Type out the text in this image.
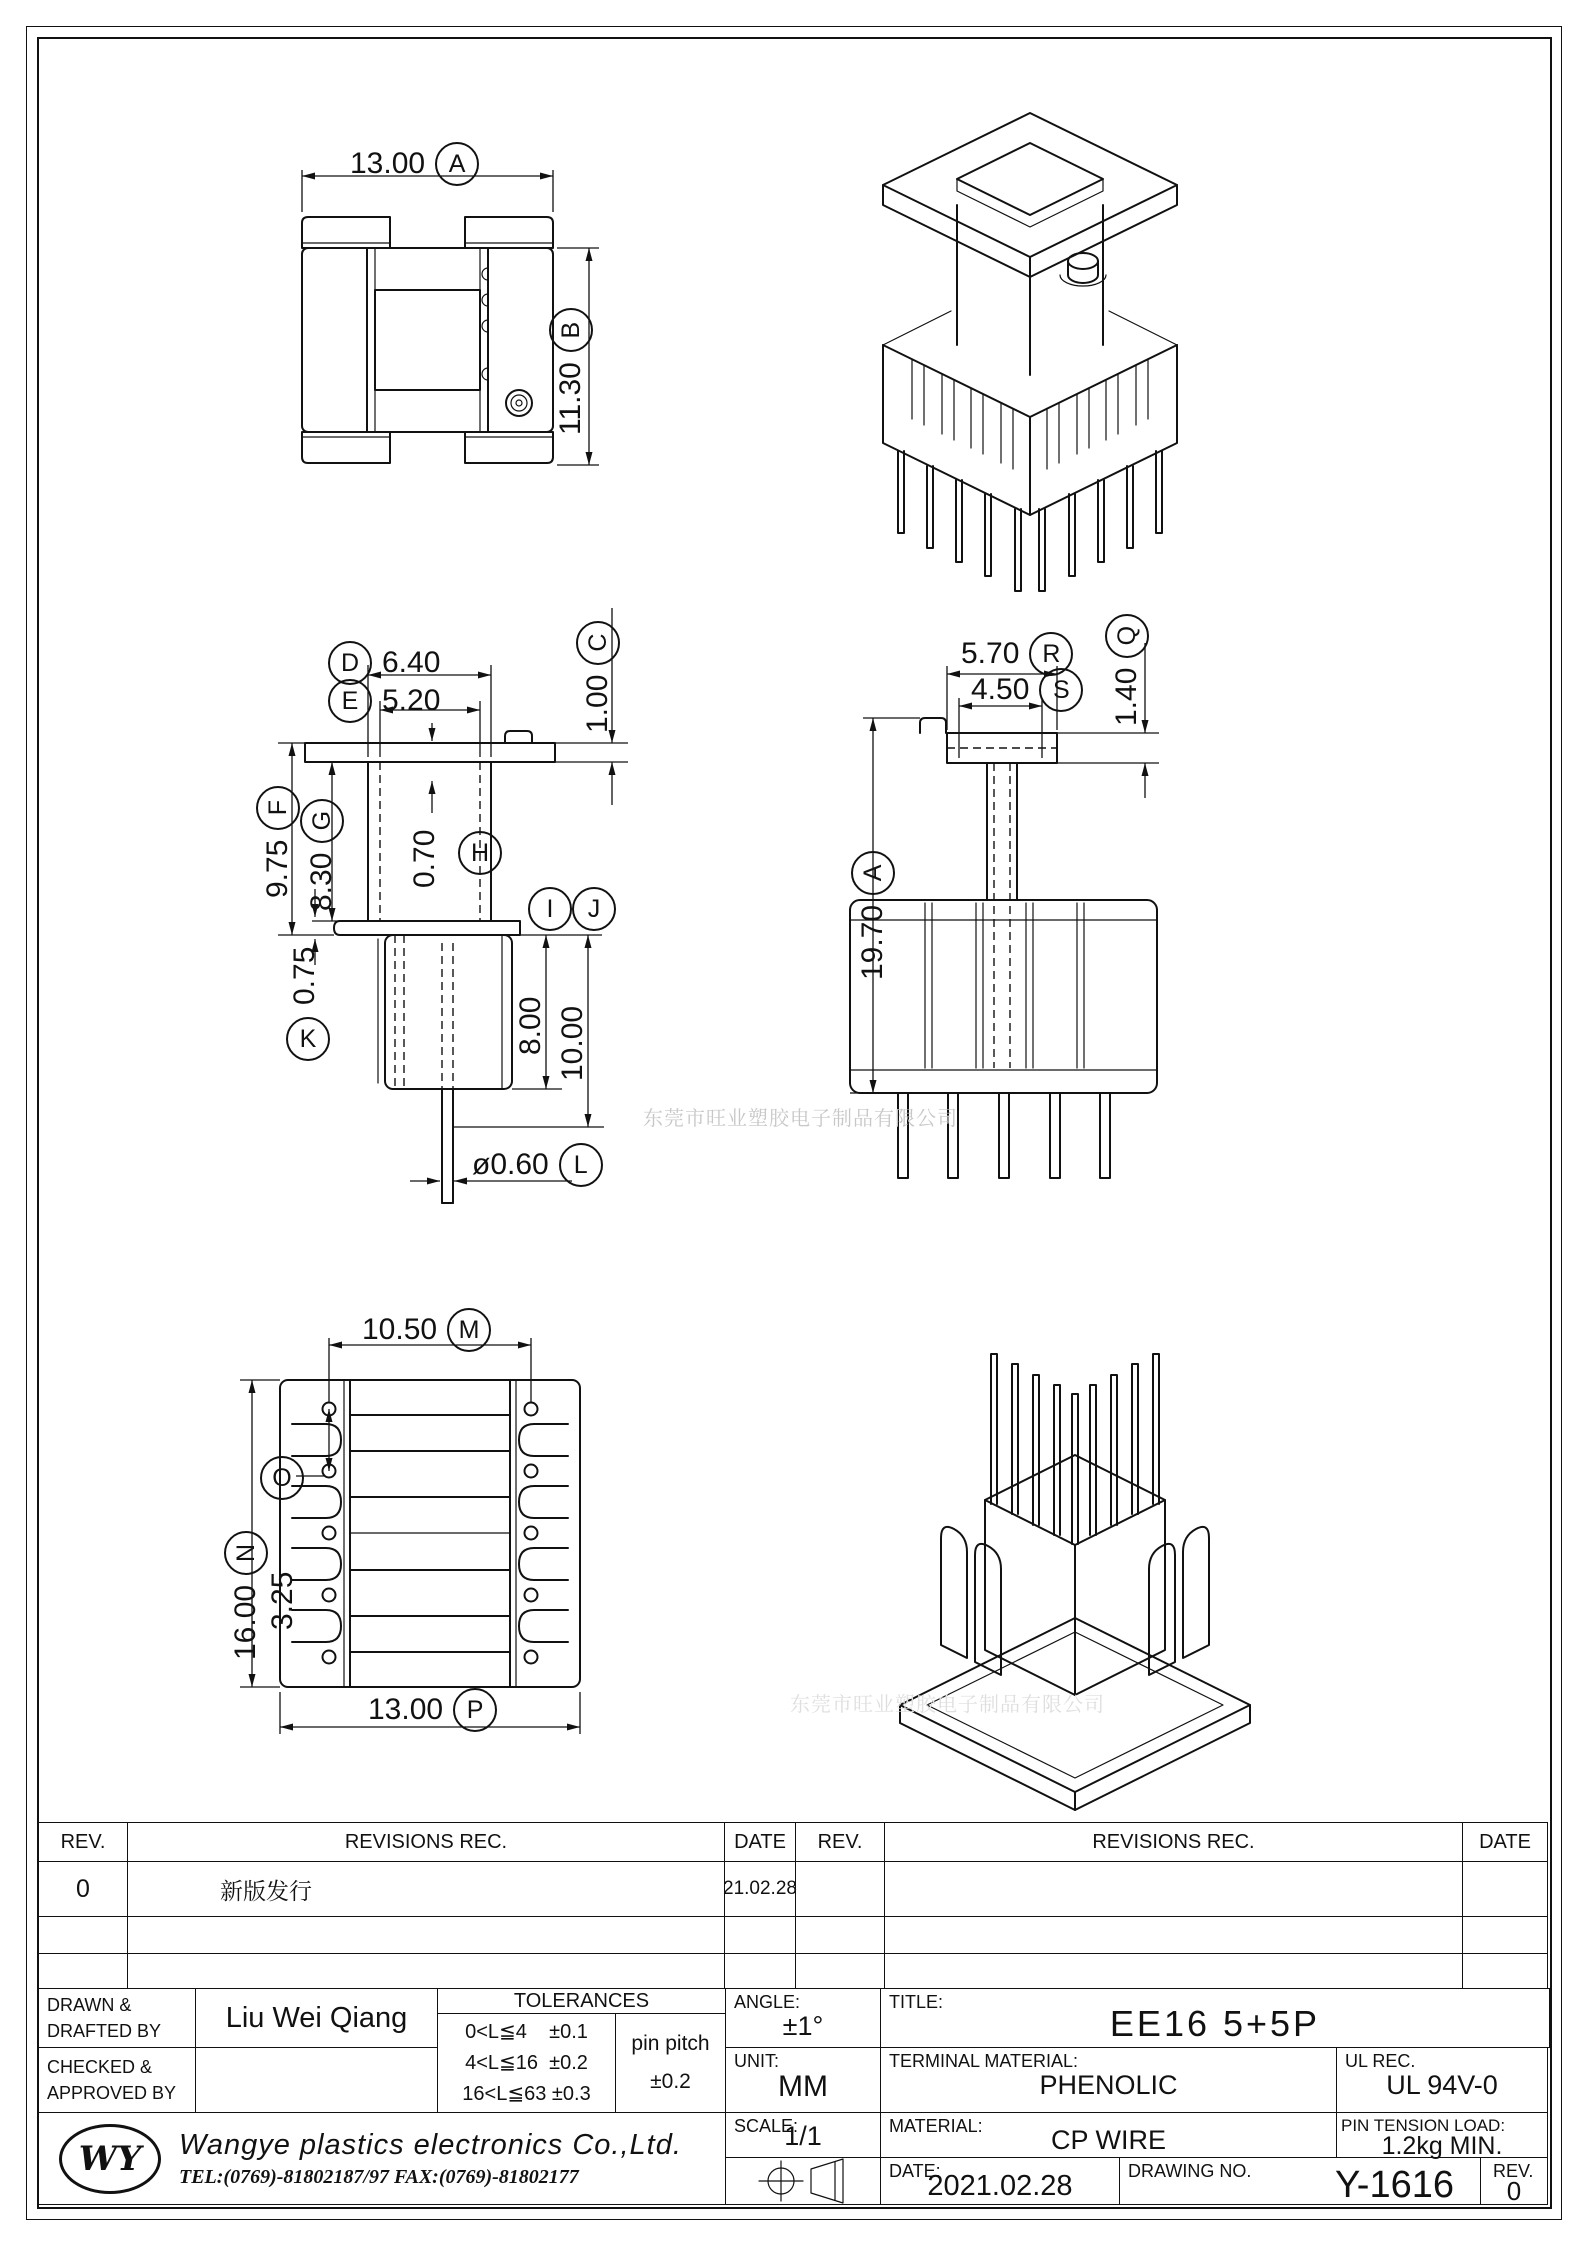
13.00 A
11.30
B
D 6.40
E 5.20	1.00
C
9.75
F
8.30
G
0.70	H
0.75
K
I	J
8.00 10.00
ø0.60	L
5.70 R
4.50 S	1.40
Q
19.70
A
10.50 M
16.00
N
O
3.25
13.00 P
东莞市旺业塑胶电子制品有限公司
东莞市旺业塑胶电子制品有限公司
REV.	REVISIONS REC.	DATE
0	新版发行	21.02.28
REV.	REVISIONS REC.	DATE
DRAWN &
DRAFTED BY	Liu Wei Qiang
CHECKED &
APPROVED BY
TOLERANCES
0<L≦4    ±0.1
4<L≦16  ±0.2
16<L≦63 ±0.3
pin pitch
±0.2
ANGLE:
±1°
TITLE:
EE16 5+5P
UNIT:
MM
TERMINAL MATERIAL:
PHENOLIC
UL REC.
UL 94V-0
SCALE:
1/1	MATERIAL:	CP WIRE	PIN TENSION LOAD:
1.2kg MIN.
DATE:
2021.02.28	DRAWING NO.	Y-1616	REV.
0
WY	Wangye plastics electronics Co.,Ltd.
TEL:(0769)-81802187/97 FAX:(0769)-81802177
